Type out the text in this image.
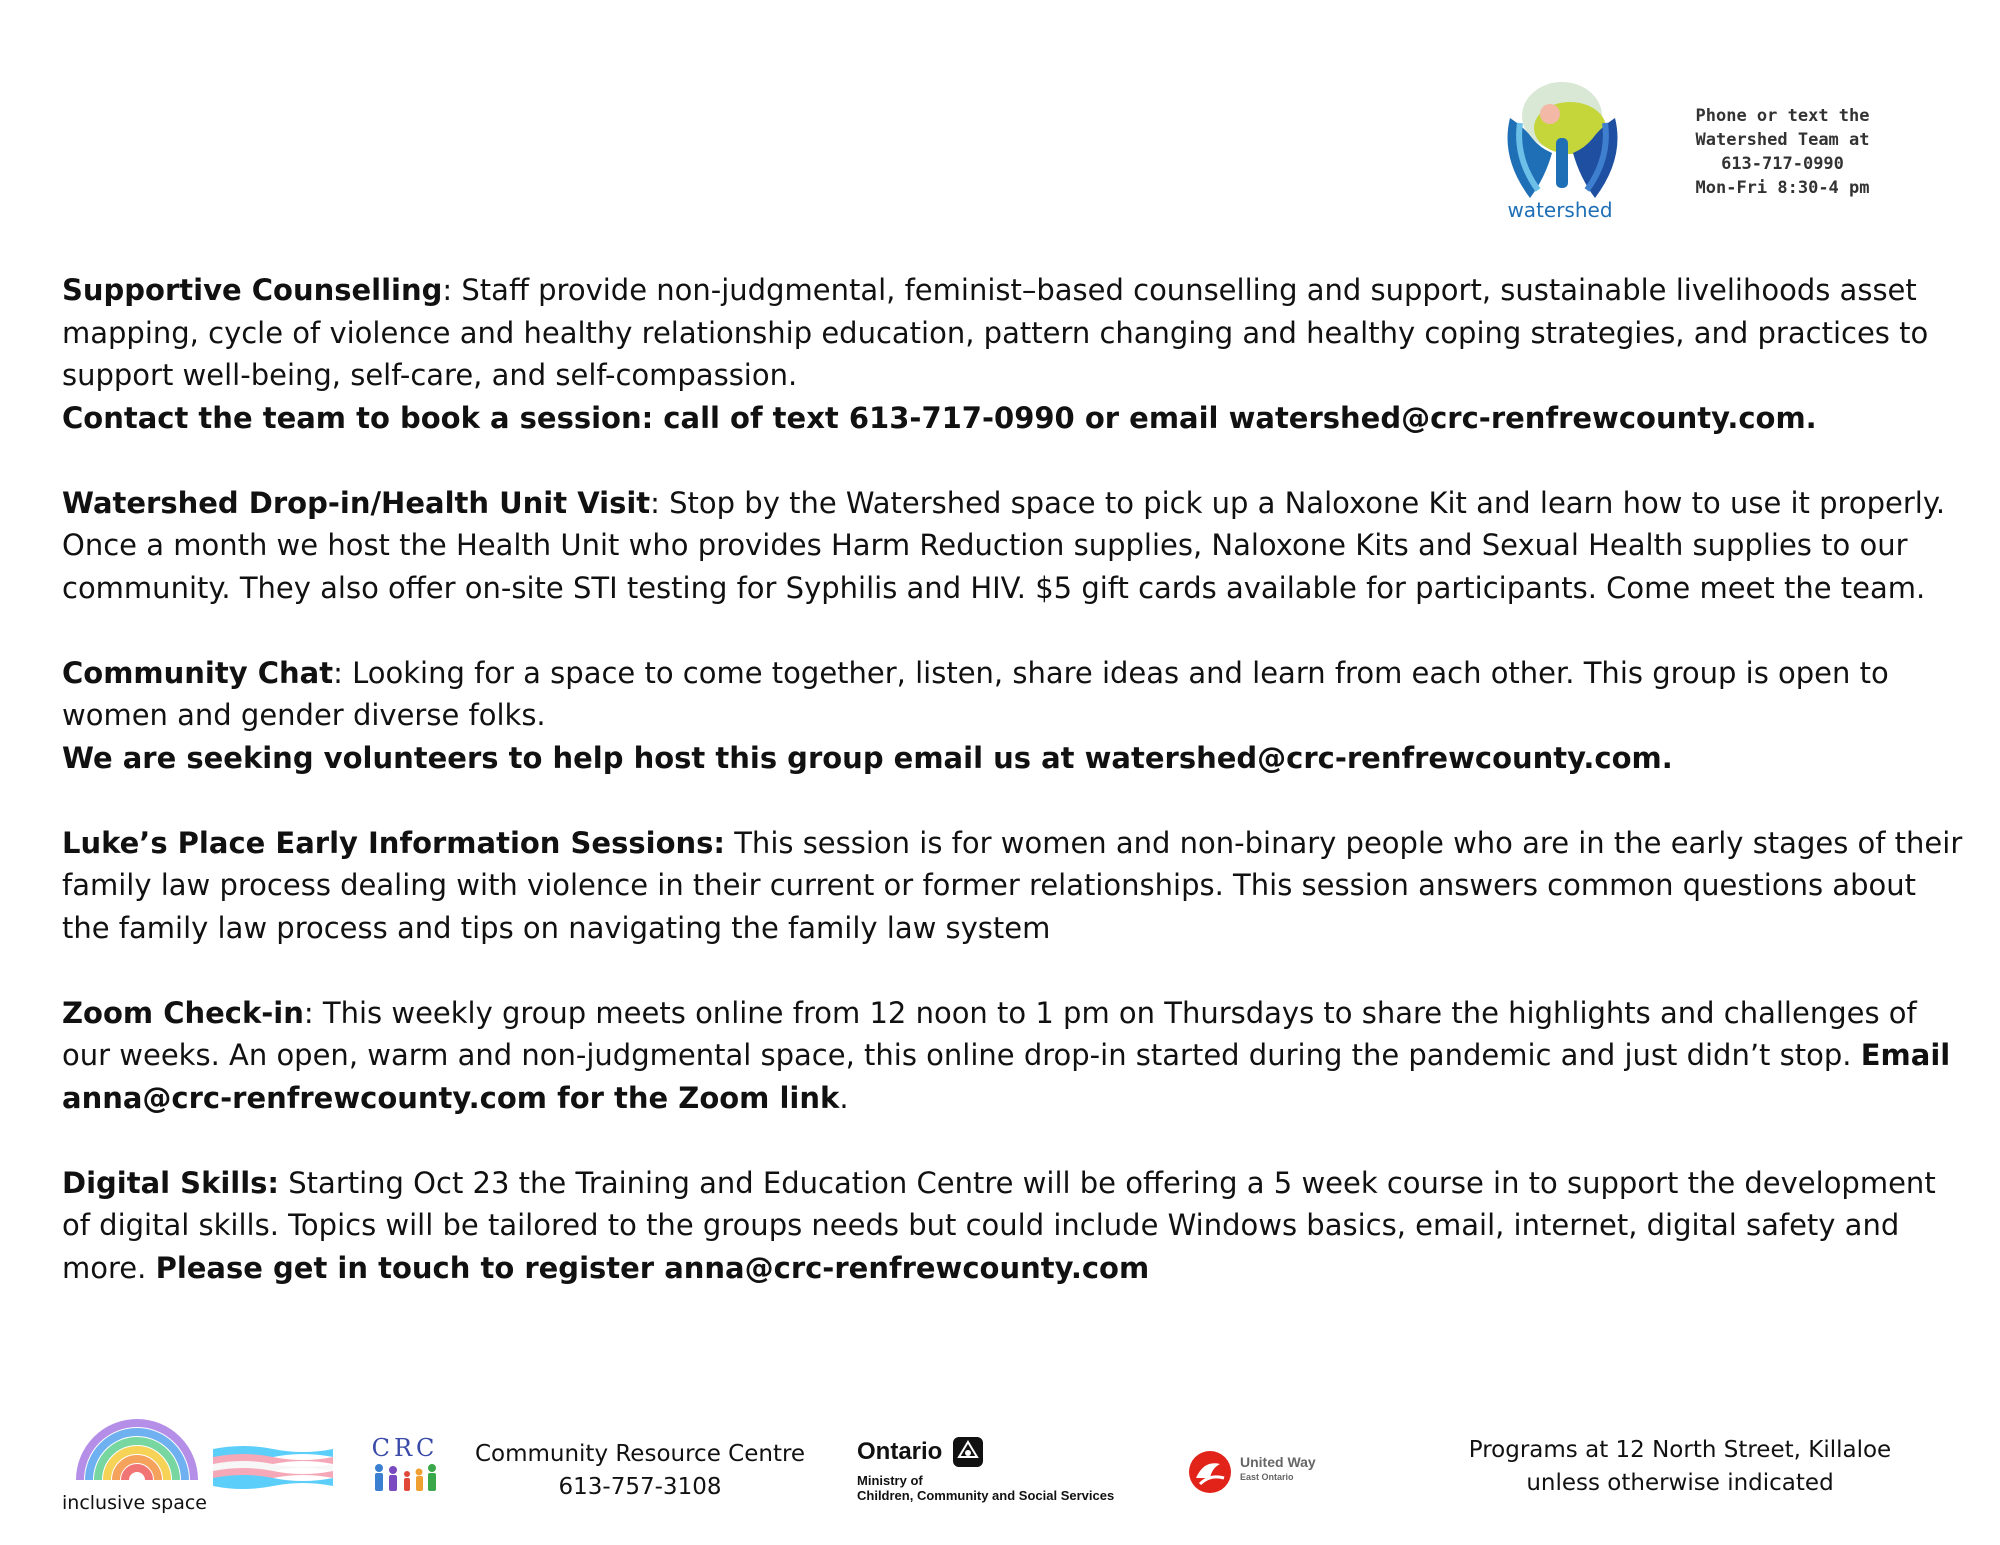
watershed
Phone or text the
Watershed Team at
613-717-0990
Mon-Fri 8:30-4 pm

Supportive Counselling: Staff provide non-judgmental, feminist–based counselling and support, sustainable livelihoods asset mapping, cycle of violence and healthy relationship education, pattern changing and healthy coping strategies, and practices to support well-being, self-care, and self-compassion.

Contact the team to book a session: call of text 613-717-0990 or email watershed@crc-renfrewcounty.com.

Watershed Drop-in/Health Unit Visit: Stop by the Watershed space to pick up a Naloxone Kit and learn how to use it properly. Once a month we host the Health Unit who provides Harm Reduction supplies, Naloxone Kits and Sexual Health supplies to our community. They also offer on-site STI testing for Syphilis and HIV. $5 gift cards available for participants. Come meet the team.

Community Chat: Looking for a space to come together, listen, share ideas and learn from each other. This group is open to women and gender diverse folks.

We are seeking volunteers to help host this group email us at watershed@crc-renfrewcounty.com.

Luke’s Place Early Information Sessions: This session is for women and non-binary people who are in the early stages of their family law process dealing with violence in their current or former relationships. This session answers common questions about the family law process and tips on navigating the family law system

Zoom Check-in: This weekly group meets online from 12 noon to 1 pm on Thursdays to share the highlights and challenges of our weeks. An open, warm and non-judgmental space, this online drop-in started during the pandemic and just didn’t stop. Email anna@crc-renfrewcounty.com for the Zoom link.

Digital Skills: Starting Oct 23 the Training and Education Centre will be offering a 5 week course in to support the development of digital skills. Topics will be tailored to the groups needs but could include Windows basics, email, internet, digital safety and more. Please get in touch to register anna@crc-renfrewcounty.com

inclusive space
CRC Community Resource Centre
613-757-3108
Ontario
Ministry of
Children, Community and Social Services
United Way
East Ontario
Programs at 12 North Street, Killaloe
unless otherwise indicated
